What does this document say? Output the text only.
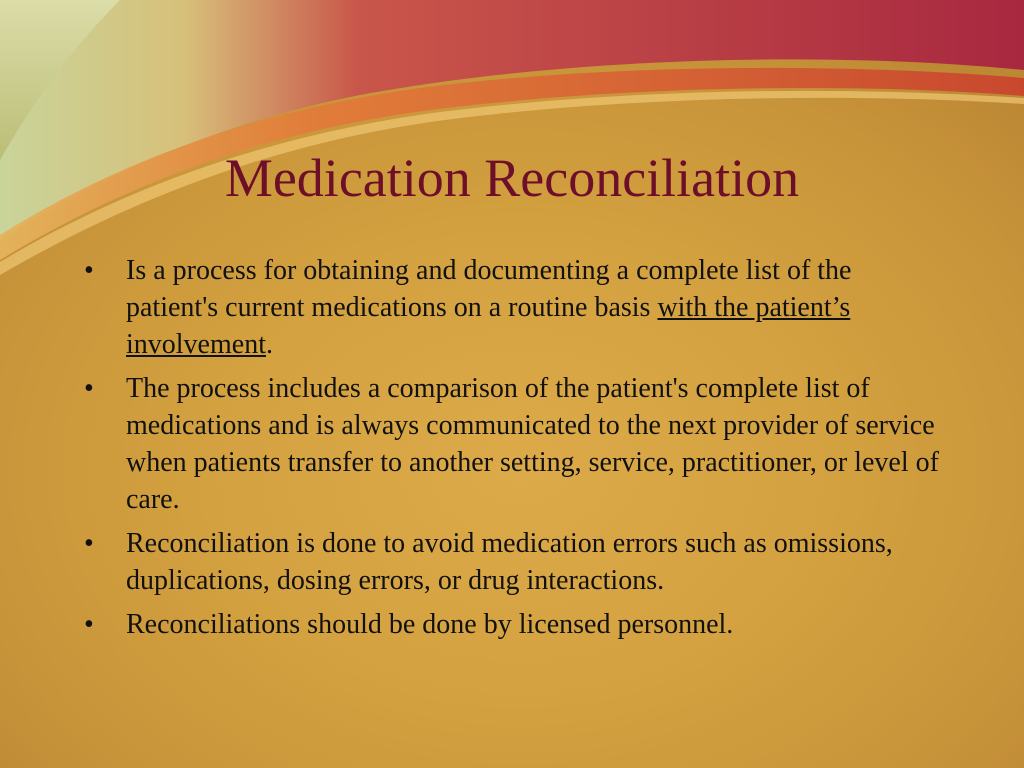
Medication Reconciliation
• Is a process for obtaining and documenting a complete list of the patient's current medications on a routine basis with the patient’s involvement.
• The process includes a comparison of the patient's complete list of medications and is always communicated to the next provider of service when patients transfer to another setting, service, practitioner, or level of care.
• Reconciliation is done to avoid medication errors such as omissions, duplications, dosing errors, or drug interactions.
• Reconciliations should be done by licensed personnel.
